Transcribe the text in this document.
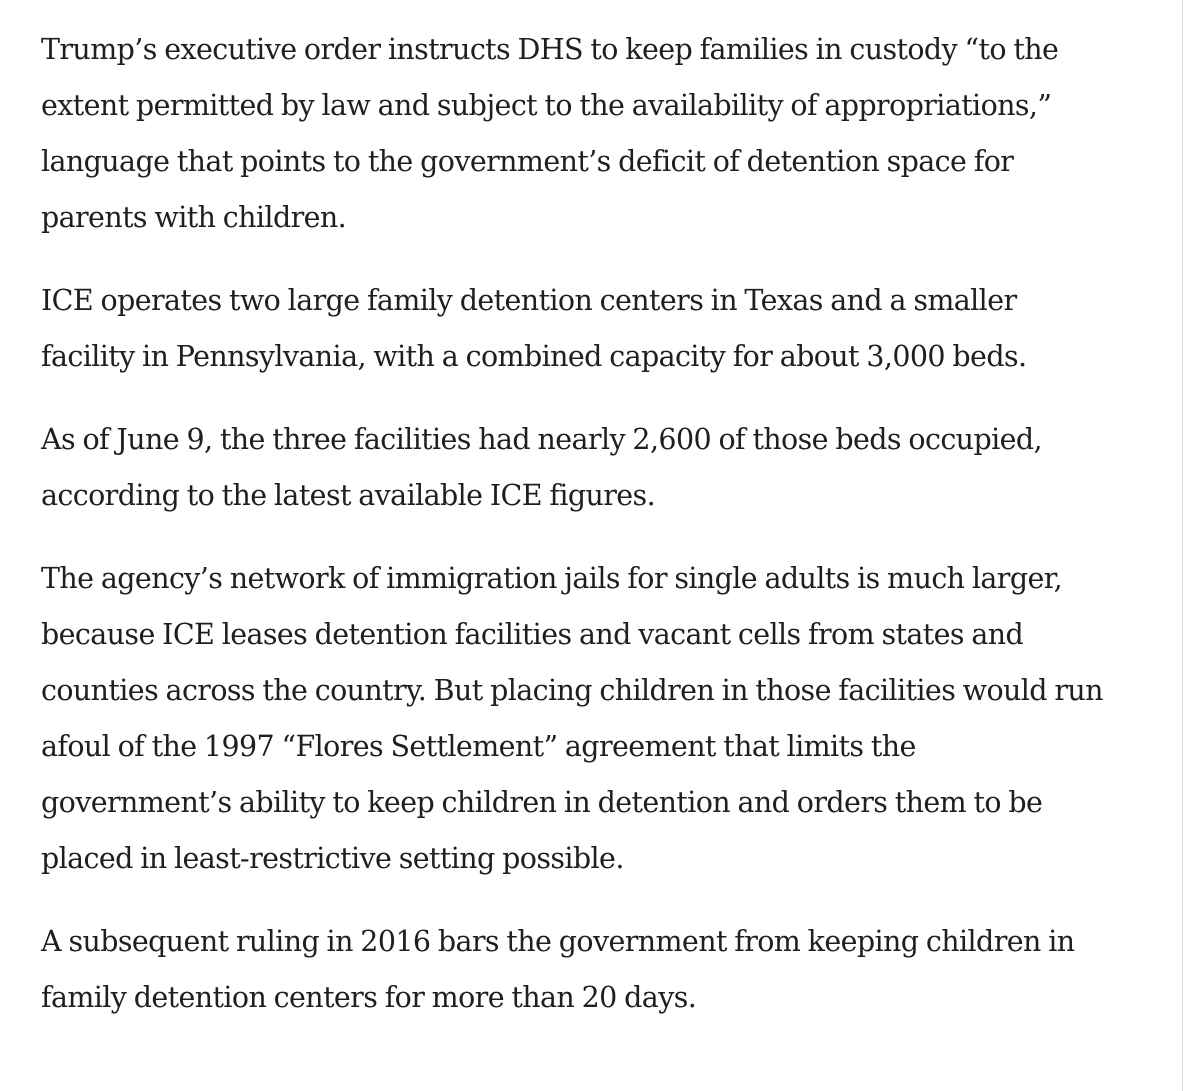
Trump’s executive order instructs DHS to keep families in custody “to the extent permitted by law and subject to the availability of appropriations,” language that points to the government’s deficit of detention space for parents with children.

ICE operates two large family detention centers in Texas and a smaller facility in Pennsylvania, with a combined capacity for about 3,000 beds.

As of June 9, the three facilities had nearly 2,600 of those beds occupied, according to the latest available ICE figures.

The agency’s network of immigration jails for single adults is much larger, because ICE leases detention facilities and vacant cells from states and counties across the country. But placing children in those facilities would run afoul of the 1997 “Flores Settlement” agreement that limits the government’s ability to keep children in detention and orders them to be placed in least-restrictive setting possible.

A subsequent ruling in 2016 bars the government from keeping children in family detention centers for more than 20 days.
